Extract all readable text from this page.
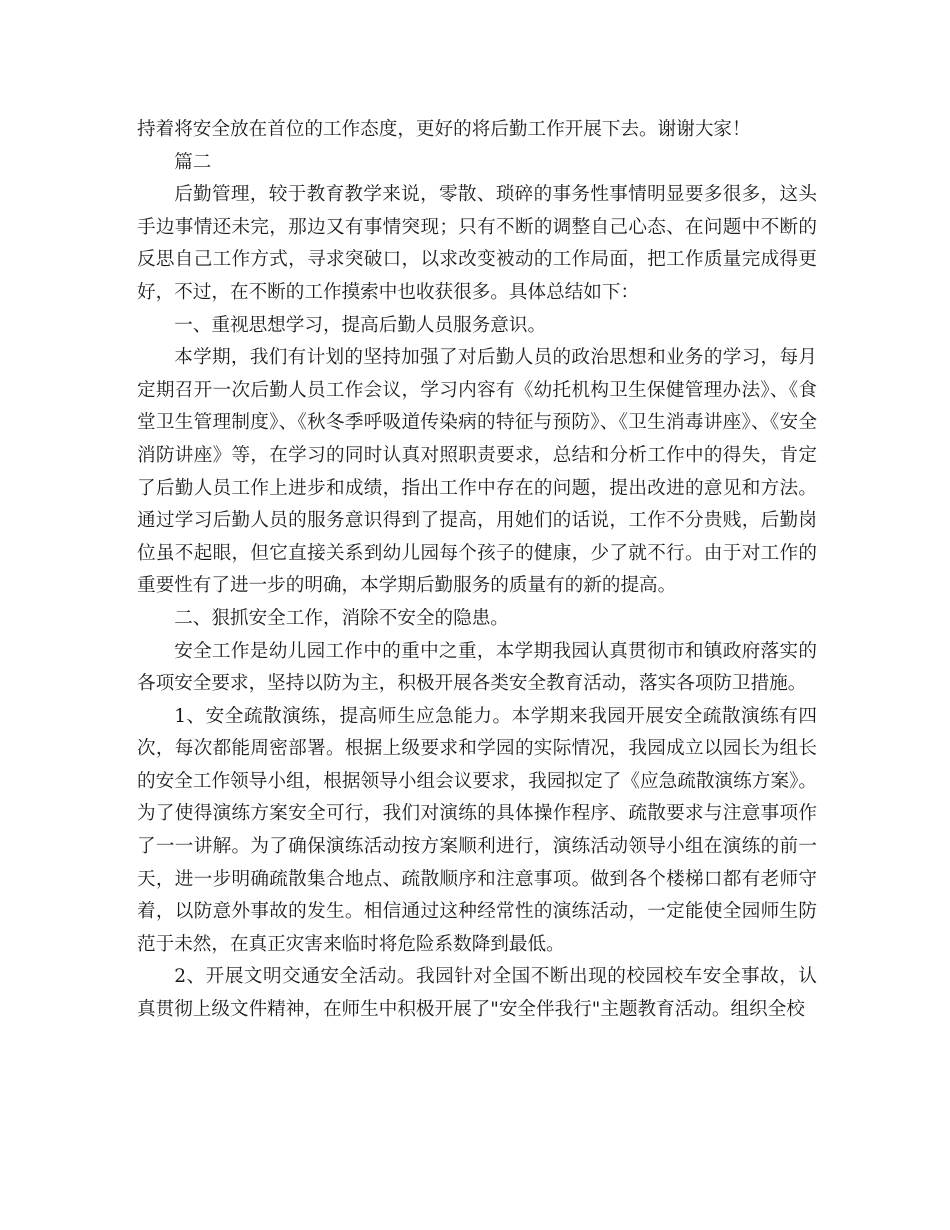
持着将安全放在首位的工作态度，更好的将后勤工作开展下去。谢谢大家！

篇二

后勤管理，较于教育教学来说，零散、琐碎的事务性事情明显要多很多，这头手边事情还未完，那边又有事情突现；只有不断的调整自己心态、在问题中不断的反思自己工作方式，寻求突破口，以求改变被动的工作局面，把工作质量完成得更好，不过，在不断的工作摸索中也收获很多。具体总结如下：

一、重视思想学习，提高后勤人员服务意识。

本学期，我们有计划的坚持加强了对后勤人员的政治思想和业务的学习，每月定期召开一次后勤人员工作会议，学习内容有《幼托机构卫生保健管理办法》、《食堂卫生管理制度》、《秋冬季呼吸道传染病的特征与预防》、《卫生消毒讲座》、《安全消防讲座》等，在学习的同时认真对照职责要求，总结和分析工作中的得失，肯定了后勤人员工作上进步和成绩，指出工作中存在的问题，提出改进的意见和方法。通过学习后勤人员的服务意识得到了提高，用她们的话说，工作不分贵贱，后勤岗位虽不起眼，但它直接关系到幼儿园每个孩子的健康，少了就不行。由于对工作的重要性有了进一步的明确，本学期后勤服务的质量有的新的提高。

二、狠抓安全工作，消除不安全的隐患。

安全工作是幼儿园工作中的重中之重，本学期我园认真贯彻市和镇政府落实的各项安全要求，坚持以防为主，积极开展各类安全教育活动，落实各项防卫措施。

1、安全疏散演练，提高师生应急能力。本学期来我园开展安全疏散演练有四次，每次都能周密部署。根据上级要求和学园的实际情况，我园成立以园长为组长的安全工作领导小组，根据领导小组会议要求，我园拟定了《应急疏散演练方案》。为了使得演练方案安全可行，我们对演练的具体操作程序、疏散要求与注意事项作了一一讲解。为了确保演练活动按方案顺利进行，演练活动领导小组在演练的前一天，进一步明确疏散集合地点、疏散顺序和注意事项。做到各个楼梯口都有老师守着，以防意外事故的发生。相信通过这种经常性的演练活动，一定能使全园师生防范于未然，在真正灾害来临时将危险系数降到最低。

2、开展文明交通安全活动。我园针对全国不断出现的校园校车安全事故，认真贯彻上级文件精神，在师生中积极开展了"安全伴我行"主题教育活动。组织全校
